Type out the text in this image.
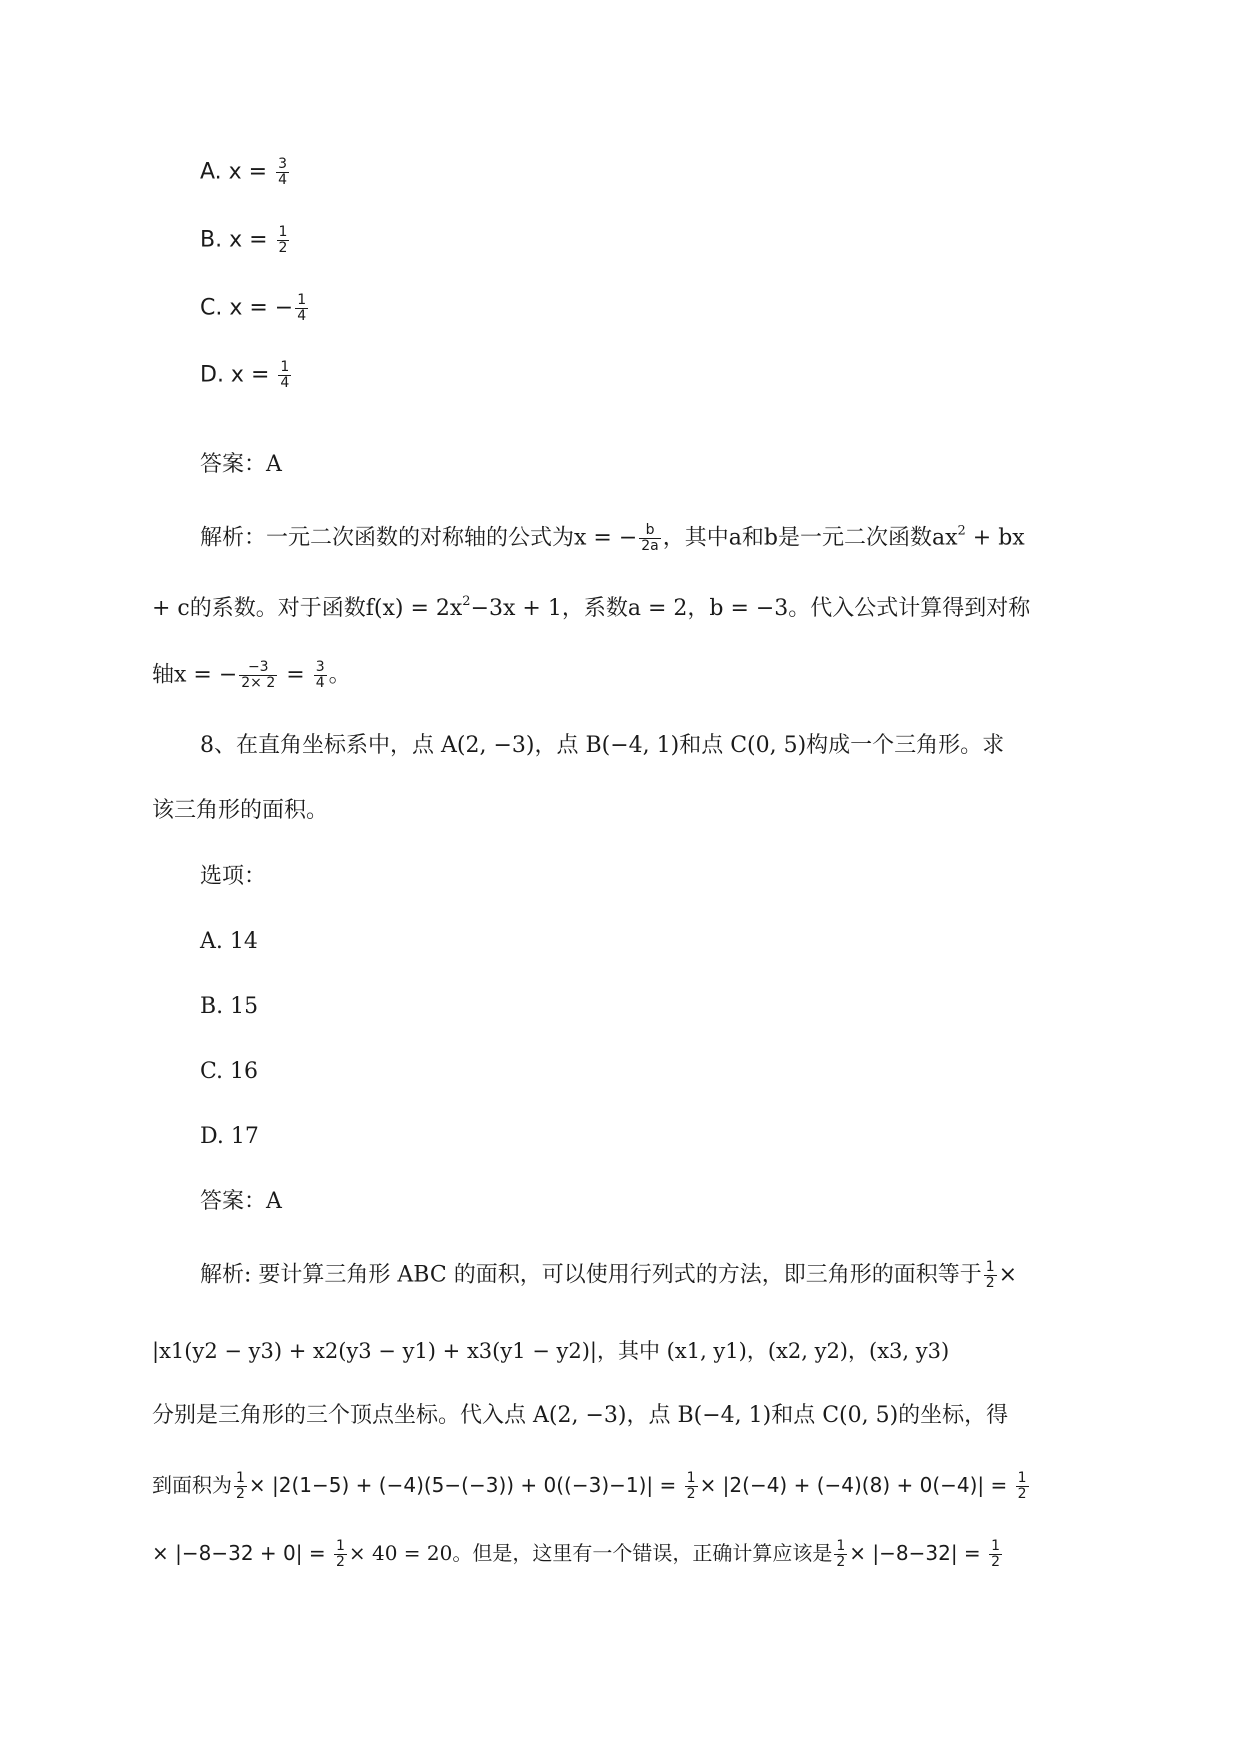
A. $x = \frac{3}{4}$
B. $x = \frac{1}{2}$
C. x = − $\frac{1}{4}$
D. $x = \frac{1}{4}$
答案：A
解析：一元二次函数的对称轴的公式为x = − $\frac{b}{2a}$ ，其中a和b是一元二次函数$ax^2$ + bx
+ c的系数。对于函数$f(x) = 2x^2-3x + 1$，系数a = 2，b = −3。代入公式计算得到对称
轴x = − $\frac{-3}{2\times 2} = \frac{3}{4}$ 。
8、在直角坐标系中，点 A(2, −3)，点 B(−4, 1)和点 C(0, 5)构成一个三角形。求
该三角形的面积。
选项：
A. 14
B. 15
C. 16
D. 17
答案：A
解析: 要计算三角形 ABC 的面积，可以使用行列式的方法，即三角形的面积等于 $\frac{1}{2}$ ×
|x1(y2 − y3) + x2(y3 − y1) + x3(y1 − y2)|，其中 (x1, y1)，(x2, y2)，(x3, y3)
分别是三角形的三个顶点坐标。代入点 A(2, −3)，点 B(−4, 1)和点 C(0, 5)的坐标，得
到面积为 $\frac{1}{2} \times |2(1-5) + (-4)(5-(-3)) + 0((-3)-1)| = \frac{1}{2} \times |2(-4) + (-4)(8) + 0(-4)| = \frac{1}{2}$
× $|-8-32 + 0| = \frac{1}{2} \times 40 = 20$。但是，这里有一个错误，正确计算应该是 $\frac{1}{2} \times |-8-32| = \frac{1}{2}$
